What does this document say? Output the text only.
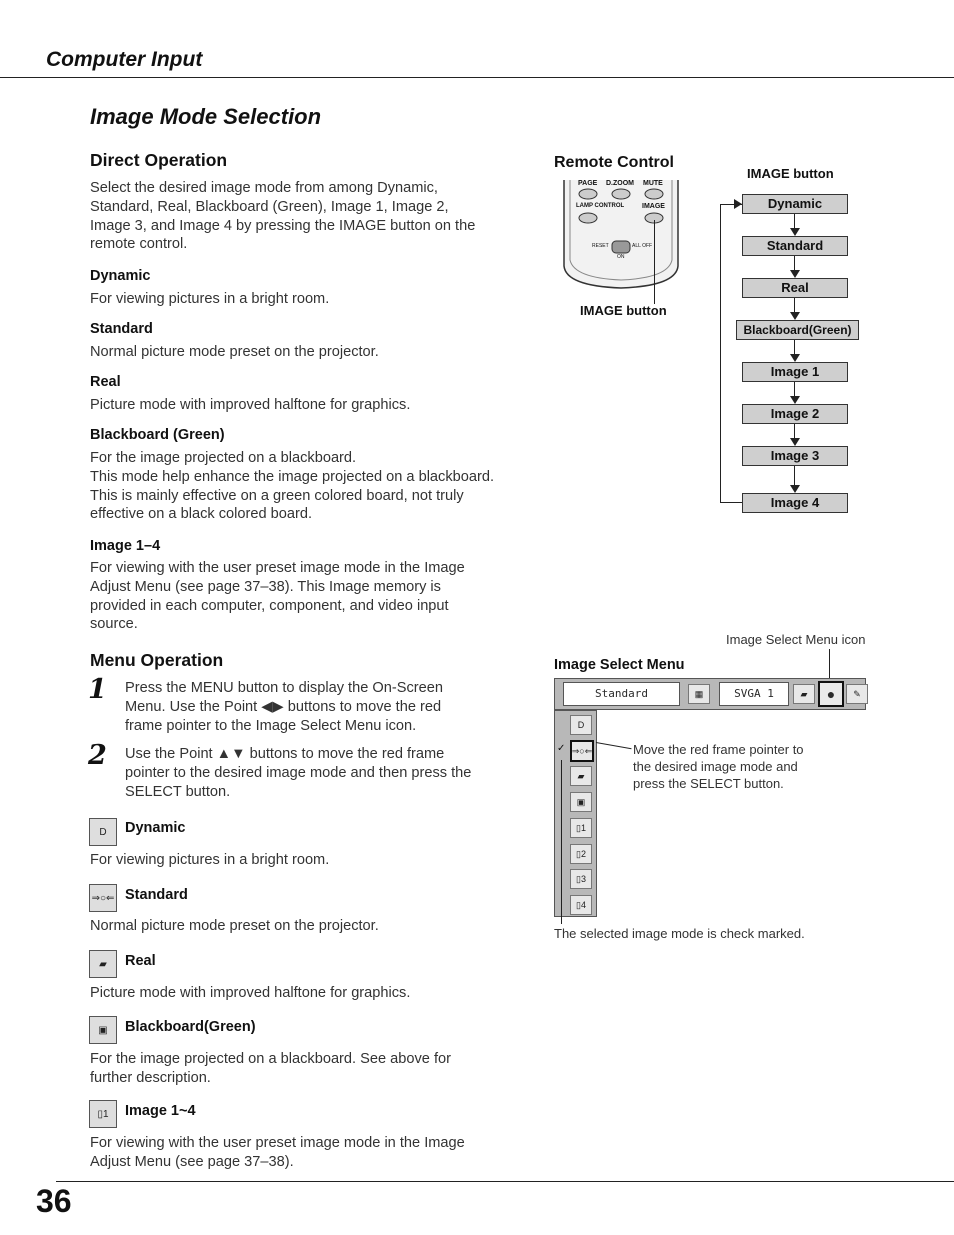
Computer Input
Image Mode Selection
Direct Operation
Select the desired image mode from among Dynamic,
Standard, Real, Blackboard (Green), Image 1, Image 2,
Image 3, and Image 4 by pressing the IMAGE button on the
remote control.
Dynamic
For viewing pictures in a bright room.
Standard
Normal picture mode preset on the projector.
Real
Picture mode with improved halftone for graphics.
Blackboard (Green)
For the image projected on a blackboard.
This mode help enhance the image projected on a blackboard.
This is mainly effective on a green colored board, not truly
effective on a black colored board.
Image 1–4
For viewing with the user preset image mode in the Image
Adjust Menu (see page 37–38). This Image memory is
provided in each computer, component, and video input
source.
Menu Operation
1 Press the MENU button to display the On-Screen
Menu. Use the Point ◀▶ buttons to move the red
frame pointer to the Image Select Menu icon.
2 Use the Point ▲▼ buttons to move the red frame
pointer to the desired image mode and then press the
SELECT button.
D	Dynamic
For viewing pictures in a bright room.
⇒○⇐ Standard
Normal picture mode preset on the projector.
▰	Real
Picture mode with improved halftone for graphics.
▣	Blackboard(Green)
For the image projected on a blackboard. See above for
further description.
▯1	Image 1~4
For viewing with the user preset image mode in the Image
Adjust Menu (see page 37–38).
Remote Control
IMAGE button
PAGE D.ZOOM MUTE
LAMP CONTROL	IMAGE
RESET
ON
ALL OFF
IMAGE button
Dynamic
Standard
Real
Blackboard(Green)
Image 1
Image 2
Image 3
Image 4
Image Select Menu icon
Image Select Menu
Standard	▦	SVGA 1	▰	●	✎
D
⇒○⇐
▰
▣
▯1
▯2
▯3
▯4
✓	Move the red frame pointer to
the desired image mode and
press the SELECT button.
The selected image mode is check marked.
36
